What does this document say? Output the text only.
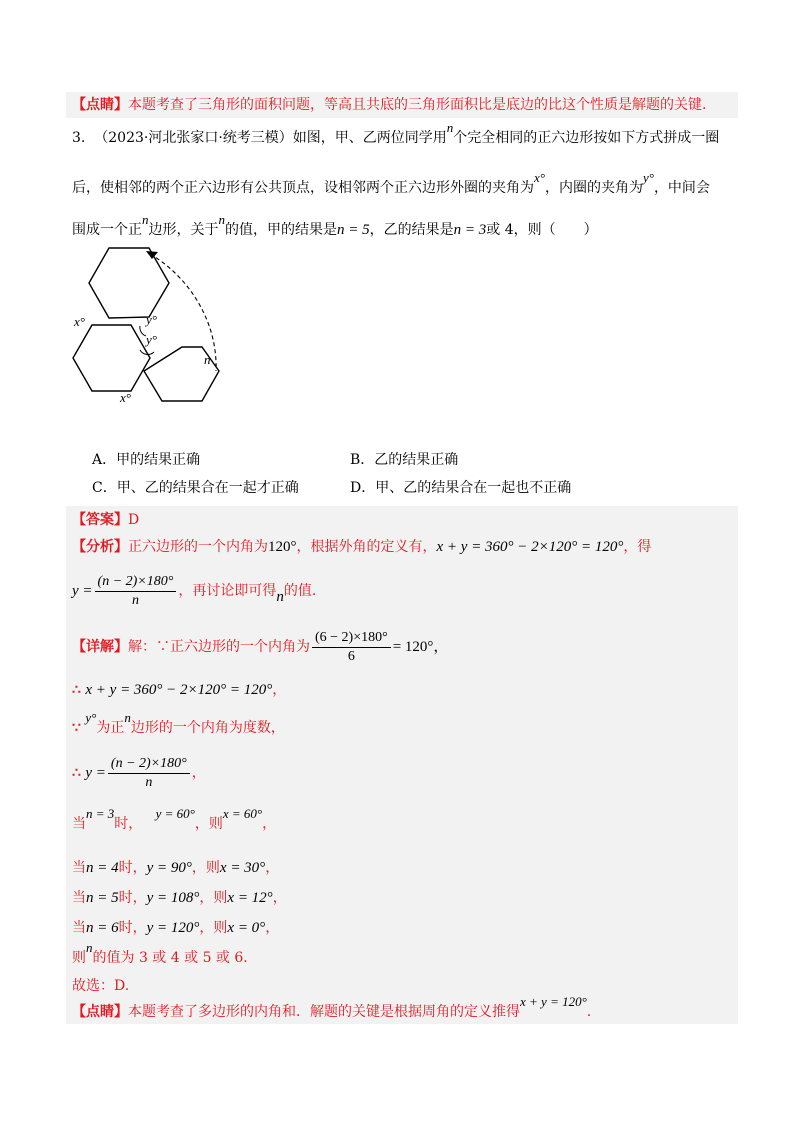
【点睛】本题考查了三角形的面积问题，等高且共底的三角形面积比是底边的比这个性质是解题的关键.
3. （2023·河北张家口·统考三模）如图，甲、乙两位同学用n个完全相同的正六边形按如下方式拼成一圈
后，使相邻的两个正六边形有公共顶点，设相邻两个正六边形外圈的夹角为x°，内圈的夹角为y°，中间会
围成一个正n边形，关于n的值，甲的结果是n = 5，乙的结果是n = 3或 4，则（　　）
x°	y°
y°
x°
n
A．甲的结果正确	B．乙的结果正确
C．甲、乙的结果合在一起才正确	D．甲、乙的结果合在一起也不正确
【答案】D
【分析】正六边形的一个内角为120°，根据外角的定义有，x + y = 360° − 2×120° = 120°，得
$y = \frac{(n - 2)\times 180^\circ}{n}$ ，再讨论即可得n的值.
【详解】解：∵正六边形的一个内角为 $\frac{(6 - 2)\times 180^\circ}{6} = 120^\circ$，
∴ x + y = 360° − 2×120° = 120°，
∵ y°为正n边形的一个内角为度数，
∴ $y = \frac{(n - 2)\times 180^\circ}{n}$ ，
当n = 3时，   y = 60°，则x = 60°，
当n = 4时，y = 90°，则x = 30°，
当n = 5时，y = 108°，则x = 12°，
当n = 6时，y = 120°，则x = 0°，
则n的值为 3 或 4 或 5 或 6.
故选：D.
【点睛】本题考查了多边形的内角和．解题的关键是根据周角的定义推得x + y = 120°.
